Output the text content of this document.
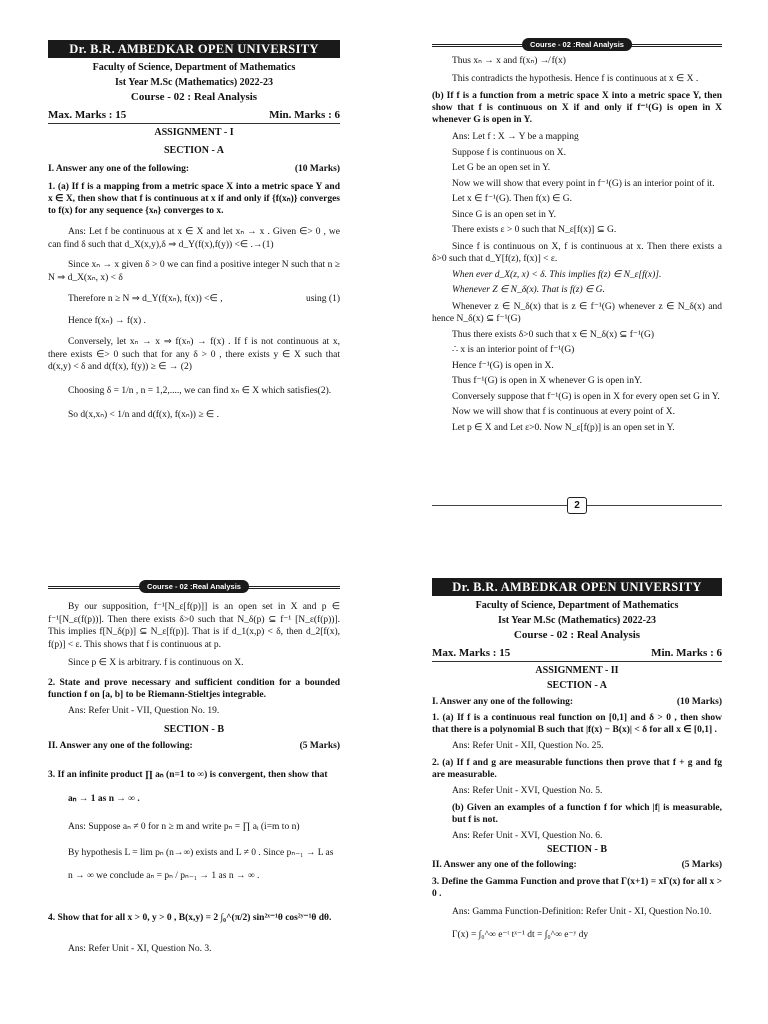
Dr. B.R. AMBEDKAR OPEN UNIVERSITY
Faculty of Science, Department of Mathematics
Ist Year M.Sc (Mathematics) 2022-23
Course - 02 : Real Analysis
Max. Marks : 15	Min. Marks : 6
ASSIGNMENT - I
SECTION - A
I. Answer any one of the following:	(10 Marks)
1. (a) If f is a mapping from a metric space X into a metric space Y and x ∈ X, then show that f is continuous at x if and only if {f(xₙ)} converges to f(x) for any sequence {xₙ} converges to x.
Ans: Let f be continuous at x ∈ X and let xₙ → x . Given ∈> 0 , we can find δ such that d_X(x,y),δ ⇒ d_Y(f(x),f(y)) <∈ .→(1)
Since xₙ → x given δ > 0 we can find a positive integer N such that n ≥ N ⇒ d_X(xₙ, x) < δ
Therefore n ≥ N ⇒ d_Y(f(xₙ), f(x)) <∈ ,	using (1)
Hence f(xₙ) → f(x) .
Conversely, let xₙ → x ⇒ f(xₙ) → f(x) . If f is not continuous at x, there exists ∈> 0 such that for any δ > 0 , there exists y ∈ X such that d(x,y) < δ and d(f(x), f(y)) ≥ ∈ → (2)
Choosing δ = 1/n , n = 1,2,...., we can find xₙ ∈ X which satisfies(2).
So d(x,xₙ) < 1/n and d(f(x), f(xₙ)) ≥ ∈ .
Course - 02 :Real Analysis
Thus xₙ → x and f(xₙ) ↛ f(x)
This contradicts the hypothesis. Hence f is continuous at x ∈ X .
(b) If f is a function from a metric space X into a metric space Y, then show that f is continuous on X if and only if f⁻¹(G) is open in X whenever G is open in Y.
Ans: Let f : X → Y be a mapping
Suppose f is continuous on X.
Let G be an open set in Y.
Now we will show that every point in f⁻¹(G) is an interior point of it.
Let x ∈ f⁻¹(G). Then f(x) ∈ G.
Since G is an open set in Y.
There exists ε > 0 such that N_ε[f(x)] ⊆ G.
Since f is continuous on X, f is continuous at x. Then there exists a δ>0 such that d_Y[f(z), f(x)] < ε.
When ever d_X(z, x) < δ. This implies f(z) ∈ N_ε[f(x)].
Whenever Z ∈ N_δ(x). That is f(z) ∈ G.
Whenever z ∈ N_δ(x) that is z ∈ f⁻¹(G) whenever z ∈ N_δ(x) and hence N_δ(x) ⊆ f⁻¹(G)
Thus there exists δ>0 such that x ∈ N_δ(x) ⊆ f⁻¹(G)
∴ x is an interior point of f⁻¹(G)
Hence f⁻¹(G) is open in X.
Thus f⁻¹(G) is open in X whenever G is open inY.
Conversely suppose that f⁻¹(G) is open in X for every open set G in Y.
Now we will show that f is continuous at every point of X.
Let p ∈ X and Let ε>0. Now N_ε[f(p)] is an open set in Y.
2
Course - 02 :Real Analysis
By our supposition, f⁻¹[N_ε[f(p)]] is an open set in X and p ∈ f⁻¹[N_ε(f(p))]. Then there exists δ>0 such that N_δ(p) ⊆ f⁻¹ [N_ε(f(p))]. This implies f[N_δ(p)] ⊆ N_ε[f(p)]. That is if d_1(x,p) < δ, then d_2[f(x), f(p)] < ε. This shows that f is continuous at p.
Since p ∈ X is arbitrary. f is continuous on X.
2. State and prove necessary and sufficient condition for a bounded function f on [a, b] to be Riemann-Stieltjes integrable.
Ans: Refer Unit - VII, Question No. 19.
SECTION - B
II. Answer any one of the following:	(5 Marks)
3. If an infinite product ∏ aₙ (n=1 to ∞) is convergent, then show that
aₙ → 1 as n → ∞ .
Ans: Suppose aₙ ≠ 0 for n ≥ m and write pₙ = ∏ aᵢ (i=m to n)
By hypothesis L = lim pₙ (n→∞) exists and L ≠ 0 . Since pₙ₋₁ → L as
n → ∞ we conclude aₙ = pₙ / pₙ₋₁ → 1 as n → ∞ .
4. Show that for all x > 0, y > 0 , B(x,y) = 2 ∫₀^(π/2) sin²ˣ⁻¹θ cos²ʸ⁻¹θ dθ.
Ans: Refer Unit - XI, Question No. 3.
Dr. B.R. AMBEDKAR OPEN UNIVERSITY
Faculty of Science, Department of Mathematics
Ist Year M.Sc (Mathematics) 2022-23
Course - 02 : Real Analysis
Max. Marks : 15	Min. Marks : 6
ASSIGNMENT - II
SECTION - A
I. Answer any one of the following:	(10 Marks)
1. (a) If f is a continuous real function on [0,1] and δ > 0 , then show that there is a polynomial B such that |f(x) − B(x)| < δ for all x ∈ [0,1] .
Ans: Refer Unit - XII, Question No. 25.
2. (a) If f and g are measurable functions then prove that f + g and fg are measurable.
Ans: Refer Unit - XVI, Question No. 5.
(b) Given an examples of a function f for which |f| is measurable, but f is not.
Ans: Refer Unit - XVI, Question No. 6.
SECTION - B
II. Answer any one of the following:	(5 Marks)
3. Define the Gamma Function and prove that Γ(x+1) = xΓ(x) for all x > 0 .
Ans: Gamma Function-Definition: Refer Unit - XI, Question No.10.
Γ(x) = ∫₀^∞ e⁻ᵗ tˣ⁻¹ dt = ∫₀^∞ e⁻ʸ dy
